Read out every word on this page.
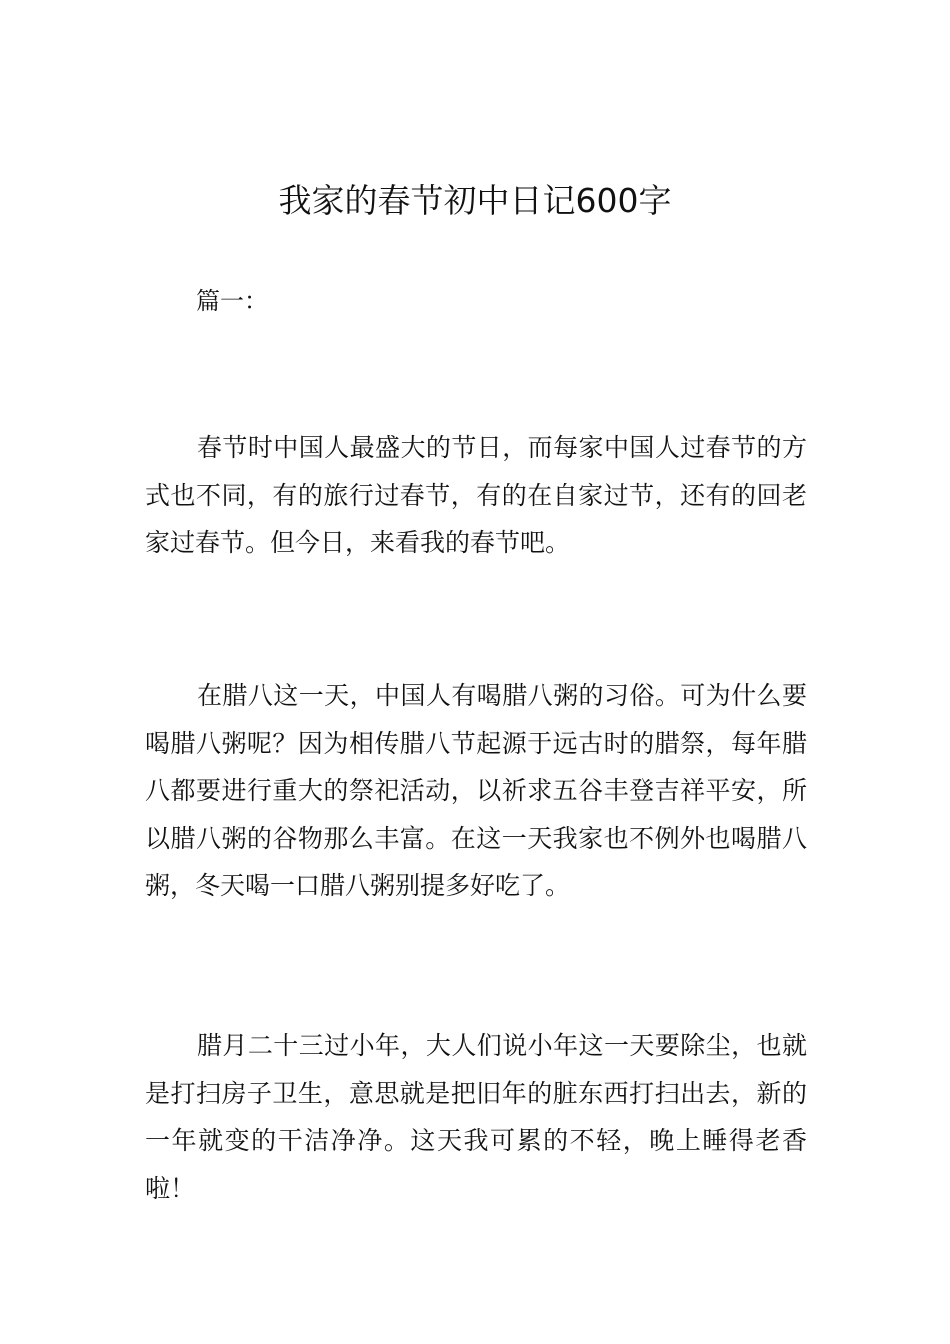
我家的春节初中日记600字

篇一：

春节时中国人最盛大的节日，而每家中国人过春节的方式也不同，有的旅行过春节，有的在自家过节，还有的回老家过春节。但今日，来看我的春节吧。

在腊八这一天，中国人有喝腊八粥的习俗。可为什么要喝腊八粥呢？因为相传腊八节起源于远古时的腊祭，每年腊八都要进行重大的祭祀活动，以祈求五谷丰登吉祥平安，所以腊八粥的谷物那么丰富。在这一天我家也不例外也喝腊八粥，冬天喝一口腊八粥别提多好吃了。

腊月二十三过小年，大人们说小年这一天要除尘，也就是打扫房子卫生，意思就是把旧年的脏东西打扫出去，新的一年就变的干洁净净。这天我可累的不轻，晚上睡得老香啦！
